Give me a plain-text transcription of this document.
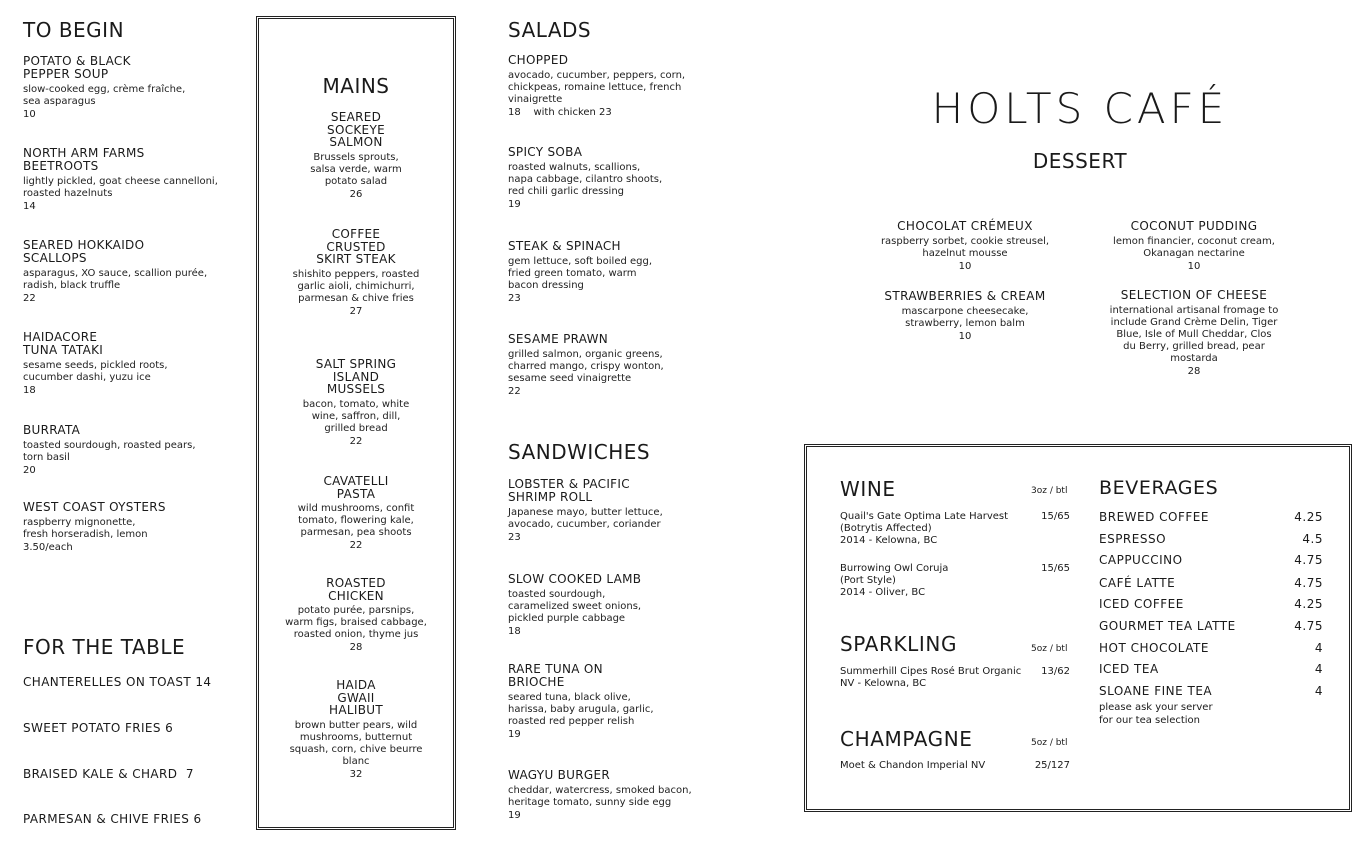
TO BEGIN
POTATO & BLACK PEPPER SOUP
slow-cooked egg, crème fraîche, sea asparagus
10
NORTH ARM FARMS BEETROOTS
lightly pickled, goat cheese cannelloni, roasted hazelnuts
14
SEARED HOKKAIDO SCALLOPS
asparagus, XO sauce, scallion purée, radish, black truffle
22
HAIDACORE TUNA TATAKI
sesame seeds, pickled roots, cucumber dashi, yuzu ice
18
BURRATA
toasted sourdough, roasted pears, torn basil
20
WEST COAST OYSTERS
raspberry mignonette, fresh horseradish, lemon
3.50/each
FOR THE TABLE
CHANTERELLES ON TOAST 14
SWEET POTATO FRIES 6
BRAISED KALE & CHARD  7
PARMESAN & CHIVE FRIES 6
MAINS
SEARED SOCKEYE SALMON
Brussels sprouts, salsa verde, warm potato salad
26
COFFEE CRUSTED SKIRT STEAK
shishito peppers, roasted garlic aioli, chimichurri, parmesan & chive fries
27
SALT SPRING ISLAND MUSSELS
bacon, tomato, white wine, saffron, dill, grilled bread
22
CAVATELLI PASTA
wild mushrooms, confit tomato, flowering kale, parmesan, pea shoots
22
ROASTED CHICKEN
potato purée, parsnips, warm figs, braised cabbage, roasted onion, thyme jus
28
HAIDA GWAII HALIBUT
brown butter pears, wild mushrooms, butternut squash, corn, chive beurre blanc
32
SALADS
CHOPPED
avocado, cucumber, peppers, corn, chickpeas, romaine lettuce, french vinaigrette
18    with chicken 23
SPICY SOBA
roasted walnuts, scallions, napa cabbage, cilantro shoots, red chili garlic dressing
19
STEAK & SPINACH
gem lettuce, soft boiled egg, fried green tomato, warm bacon dressing
23
SESAME PRAWN
grilled salmon, organic greens, charred mango, crispy wonton, sesame seed vinaigrette
22
SANDWICHES
LOBSTER & PACIFIC SHRIMP ROLL
Japanese mayo, butter lettuce, avocado, cucumber, coriander
23
SLOW COOKED LAMB
toasted sourdough, caramelized sweet onions, pickled purple cabbage
18
RARE TUNA ON BRIOCHE
seared tuna, black olive, harissa, baby arugula, garlic, roasted red pepper relish
19
WAGYU BURGER
cheddar, watercress, smoked bacon, heritage tomato, sunny side egg
19
HOLTS CAFÉ
DESSERT
CHOCOLAT CRÉMEUX
raspberry sorbet, cookie streusel, hazelnut mousse
10
COCONUT PUDDING
lemon financier, coconut cream, Okanagan nectarine
10
STRAWBERRIES & CREAM
mascarpone cheesecake, strawberry, lemon balm
10
SELECTION OF CHEESE
international artisanal fromage to include Grand Crème Delin, Tiger Blue, Isle of Mull Cheddar, Clos du Berry, grilled bread, pear mostarda
28
WINE	3oz / btl
Quail's Gate Optima Late Harvest
(Botrytis Affected)
2014 - Kelowna, BC
15/65
Burrowing Owl Coruja
(Port Style)
2014 - Oliver, BC
15/65
SPARKLING	5oz / btl
Summerhill Cipes Rosé Brut Organic
NV - Kelowna, BC
13/62
CHAMPAGNE	5oz / btl
Moet & Chandon Imperial NV	25/127
BEVERAGES
BREWED COFFEE	4.25
ESPRESSO	4.5
CAPPUCCINO	4.75
CAFÉ LATTE	4.75
ICED COFFEE	4.25
GOURMET TEA LATTE	4.75
HOT CHOCOLATE	4
ICED TEA	4
SLOANE FINE TEA	4
please ask your server
for our tea selection
